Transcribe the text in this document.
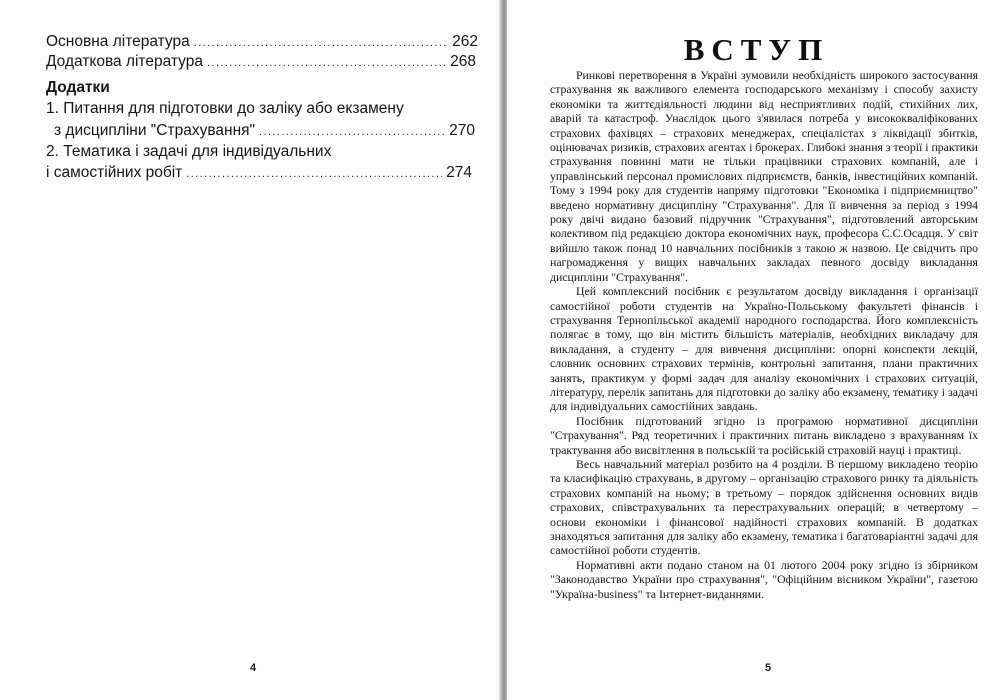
Основна література .....	262
Додаткова література .....	268
Додатки
1. Питання для підготовки до заліку або екзамену
з дисципліни "Страхування" .....	270
2. Тематика і задачі для індивідуальних
і самостійних робіт .....	274
4
ВСТУП

Ринкові перетворення в Україні зумовили необхідність широкого застосування страхування як важливого елемента господарського механізму і способу захисту економіки та життєдіяльності людини від несприятливих подій, стихійних лих, аварій та катастроф. Унаслідок цього з'явилася потреба у висококваліфікованих страхових фахівцях – страхових менеджерах, спеціалістах з ліквідації збитків, оцінювачах ризиків, страхових агентах і брокерах. Глибокі знання з теорії і практики страхування повинні мати не тільки працівники страхових компаній, але і управлінський персонал промислових підприємств, банків, інвестиційних компаній. Тому з 1994 року для студентів напряму підготовки "Економіка і підприємництво" введено нормативну дисципліну "Страхування". Для її вивчення за період з 1994 року двічі видано базовий підручник "Страхування", підготовлений авторським колективом під редакцією доктора економічних наук, професора С.С.Осадця. У світ вийшло також понад 10 навчальних посібників з такою ж назвою. Це свідчить про нагромадження у вищих навчальних закладах певного досвіду викладання дисципліни "Страхування".

Цей комплексний посібник є результатом досвіду викладання і організації самостійної роботи студентів на Україно-Польському факультеті фінансів і страхування Тернопільської академії народного господарства. Його комплексність полягає в тому, що він містить більшість матеріалів, необхідних викладачу для викладання, а студенту – для вивчення дисципліни: опорні конспекти лекцій, словник основних страхових термінів, контрольні запитання, плани практичних занять, практикум у формі задач для аналізу економічних і страхових ситуацій, літературу, перелік запитань для підготовки до заліку або екзамену, тематику і задачі для індивідуальних самостійних завдань.

Посібник підготований згідно із програмою нормативної дисципліни "Страхування". Ряд теоретичних і практичних питань викладено з врахуванням їх трактування або висвітлення в польській та російській страховій науці і практиці.

Весь навчальний матеріал розбито на 4 розділи. В першому викладено теорію та класифікацію страхувань, в другому – організацію страхового ринку та діяльність страхових компаній на ньому; в третьому – порядок здійснення основних видів страхових, співстрахувальних та перестрахувальних операцій; в четвертому – основи економіки і фінансової надійності страхових компаній. В додатках знаходяться запитання для заліку або екзамену, тематика і багатоваріантні задачі для самостійної роботи студентів.

Нормативні акти подано станом на 01 лютого 2004 року згідно із збірником "Законодавство України про страхування", "Офіційним вісником України", газетою "Україна-business" та Інтернет-виданнями.

5
